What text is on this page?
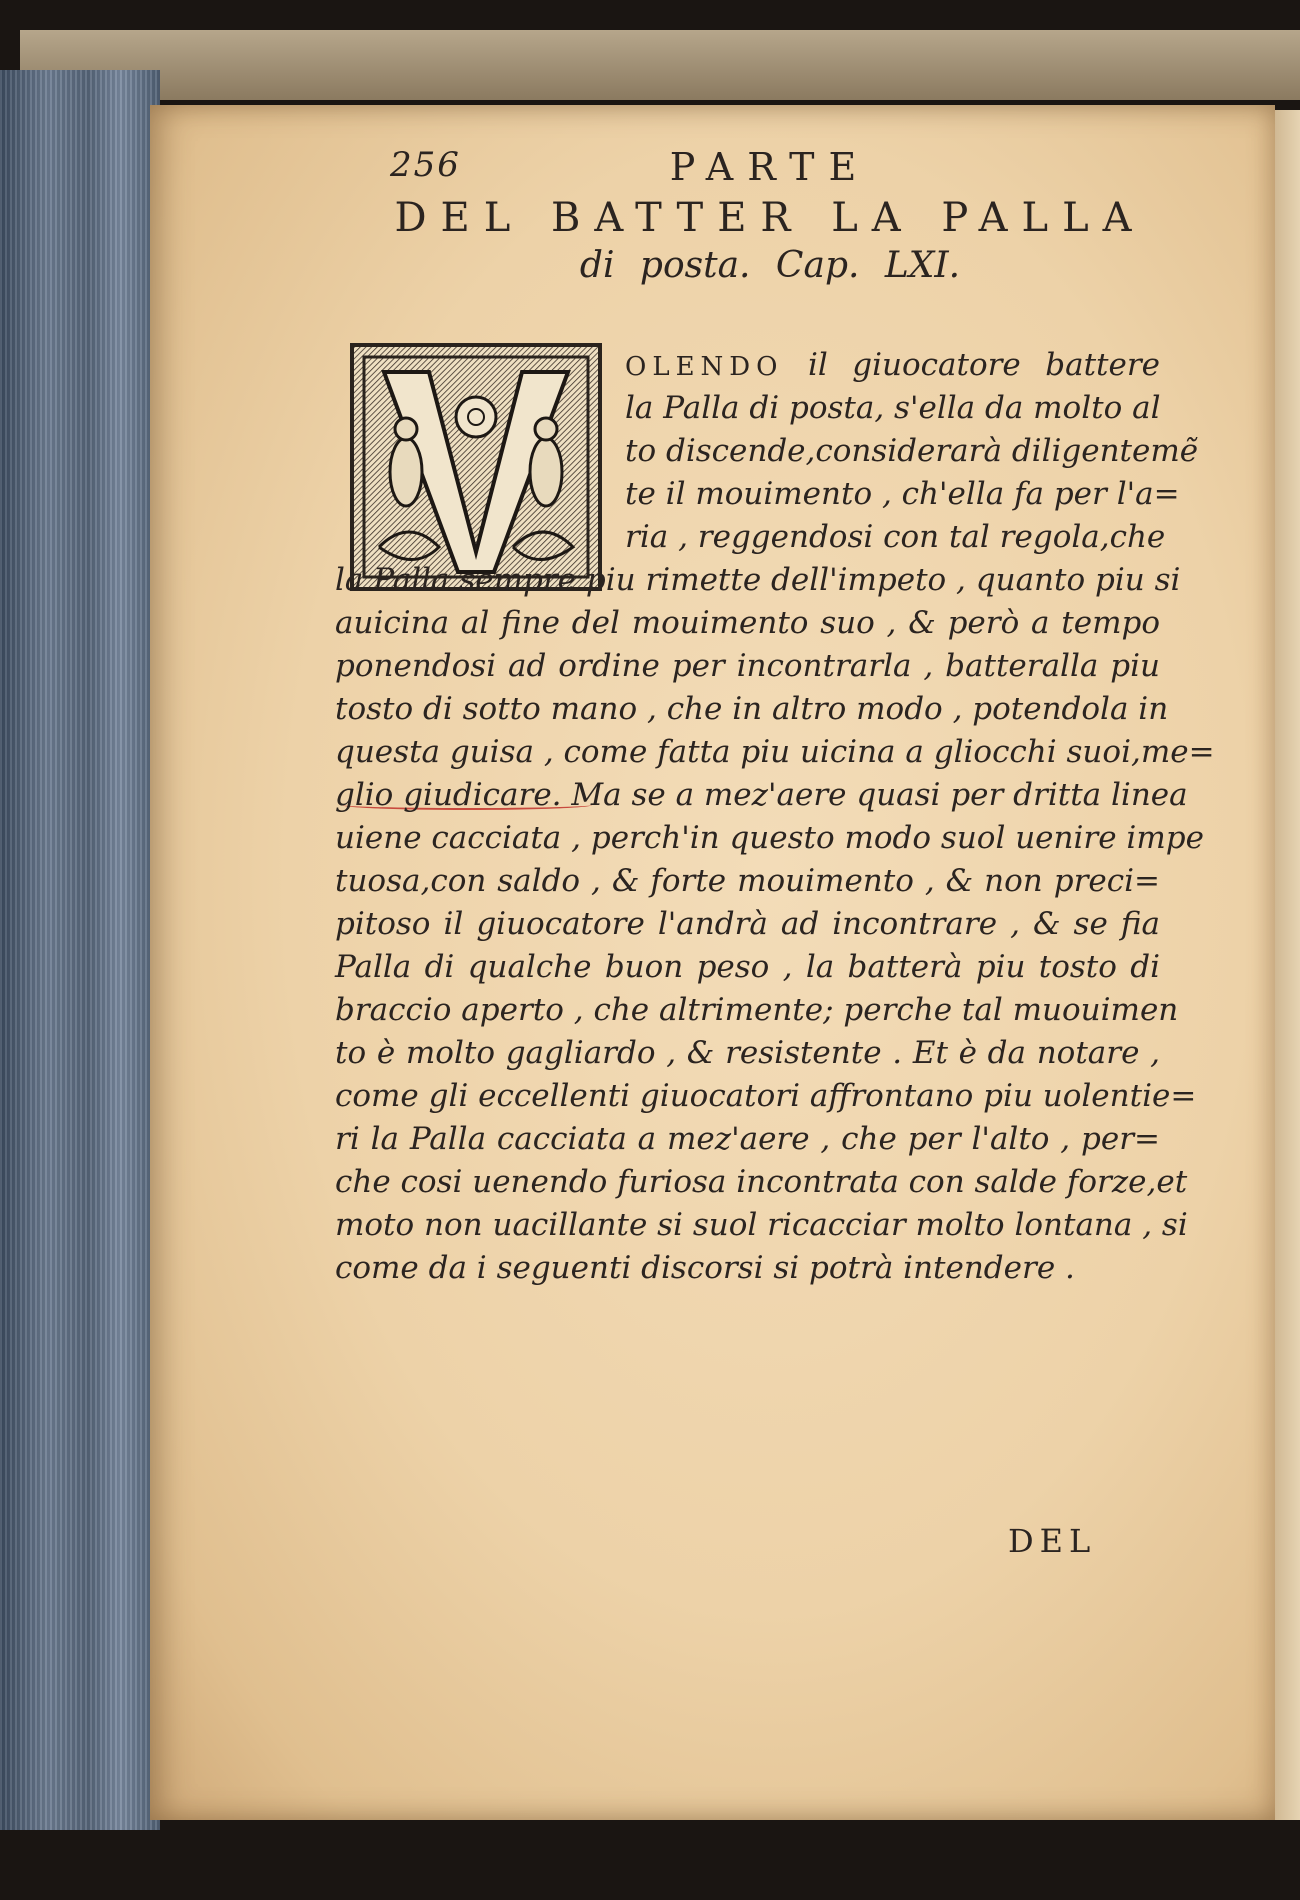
256	PARTE
DEL BATTER LA PALLA
di posta. Cap. LXI.
OLENDO il giuocatore battere
la Palla di posta, s'ella da molto al
to discende,considerarà diligentemẽ
te il mouimento , ch'ella fa per l'a=
ria , reggendosi con tal regola,che
la Palla sempre piu rimette dell'impeto , quanto piu si
auicina al fine del mouimento suo , & però a tempo
ponendosi ad ordine per incontrarla , batteralla piu
tosto di sotto mano , che in altro modo , potendola in
questa guisa , come fatta piu uicina a gliocchi suoi,me=
glio giudicare. Ma se a mez'aere quasi per dritta linea
uiene cacciata , perch'in questo modo suol uenire impe
tuosa,con saldo , & forte mouimento , & non preci=
pitoso il giuocatore l'andrà ad incontrare , & se fia
Palla di qualche buon peso , la batterà piu tosto di
braccio aperto , che altrimente; perche tal muouimen
to è molto gagliardo , & resistente . Et è da notare ,
come gli eccellenti giuocatori affrontano piu uolentie=
ri la Palla cacciata a mez'aere , che per l'alto , per=
che cosi uenendo furiosa incontrata con salde forze,et
moto non uacillante si suol ricacciar molto lontana , si
come da i seguenti discorsi si potrà intendere .
DEL
